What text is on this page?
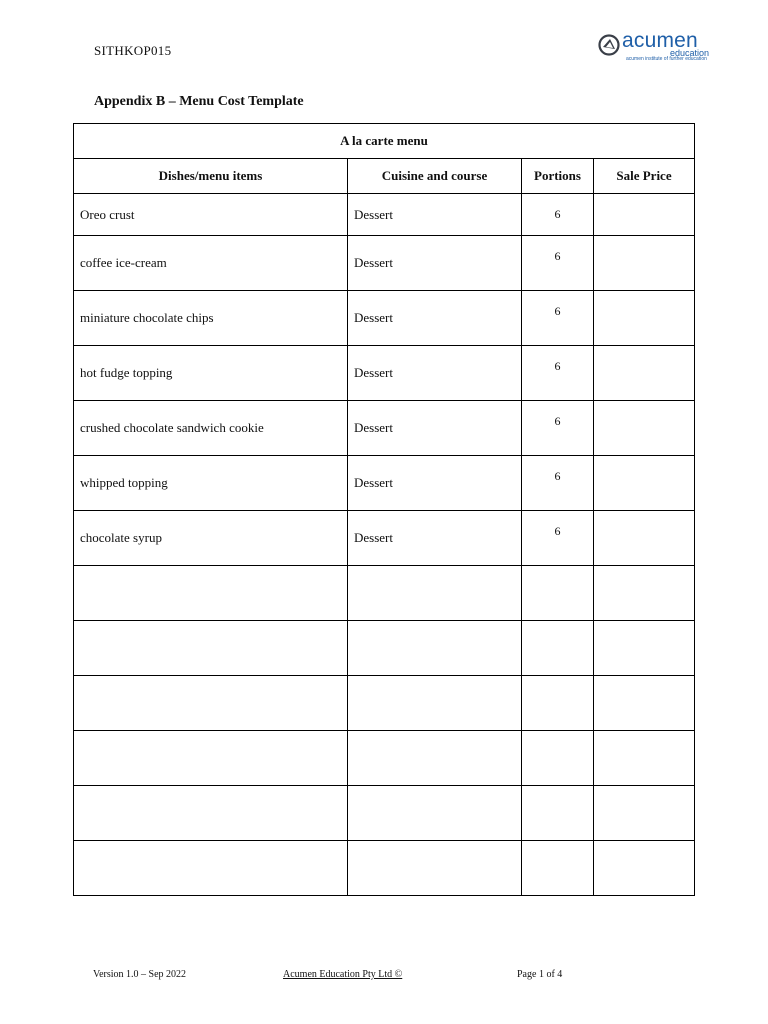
SITHKOP015	acumen
education
acumen institute of further education
Appendix B – Menu Cost Template
A la carte menu			
Dishes/menu items	Cuisine and course	Portions	Sale Price
Oreo crust	Dessert	6	
coffee ice-cream	Dessert	6	
miniature chocolate chips	Dessert	6	
hot fudge topping	Dessert	6	
crushed chocolate sandwich cookie	Dessert	6	
whipped topping	Dessert	6	
chocolate syrup	Dessert	6	

Version 1.0 – Sep 2022	Acumen Education Pty Ltd ©	Page 1 of 4
